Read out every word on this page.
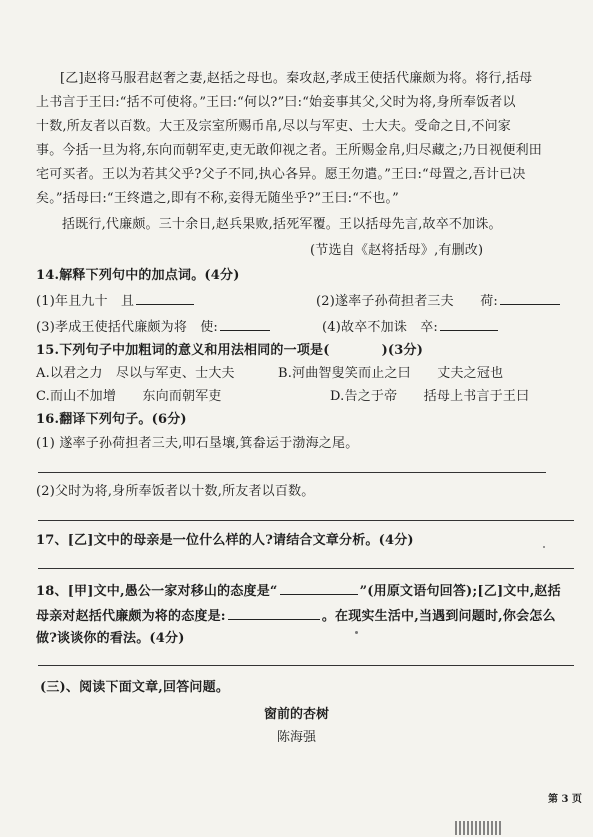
[乙]赵将马服君赵奢之妻,赵括之母也。秦攻赵,孝成王使括代廉颇为将。将行,括母
上书言于王曰:“括不可使将。”王曰:“何以?”曰:“始妾事其父,父时为将,身所奉饭者以
十数,所友者以百数。大王及宗室所赐币帛,尽以与军吏、士大夫。受命之日,不问家
事。今括一旦为将,东向而朝军吏,吏无敢仰视之者。王所赐金帛,归尽藏之;乃日视便利田
宅可买者。王以为若其父乎?父子不同,执心各异。愿王勿遣。”王曰:“母置之,吾计已决
矣。”括母曰:“王终遣之,即有不称,妾得无随坐乎?”王曰:“不也。”
括既行,代廉颇。三十余日,赵兵果败,括死军覆。王以括母先言,故卒不加诛。
(节选自《赵将括母》,有删改)
14.解释下列句中的加点词。(4分)
(1)年且九十　且	(2)遂率子孙荷担者三夫　　荷:
(3)孝成王使括代廉颇为将　使:	(4)故卒不加诛　卒:
15.下列句子中加粗词的意义和用法相同的一项是(	)(3分)
A.以君之力　尽以与军吏、士大夫	B.河曲智叟笑而止之曰　　丈夫之冠也
C.而山不加增　　东向而朝军吏	D.告之于帝　　括母上书言于王曰
16.翻译下列句子。(6分)
(1) 遂率子孙荷担者三夫,叩石垦壤,箕畚运于渤海之尾。
(2)父时为将,身所奉饭者以十数,所友者以百数。
17、[乙]文中的母亲是一位什么样的人?请结合文章分析。(4分)
18、[甲]文中,愚公一家对移山的态度是“	”(用原文语句回答);[乙]文中,赵括
母亲对赵括代廉颇为将的态度是:	。在现实生活中,当遇到问题时,你会怎么
做?谈谈你的看法。(4分)
(三)、阅读下面文章,回答问题。
窗前的杏树
陈海强
第 3 页
